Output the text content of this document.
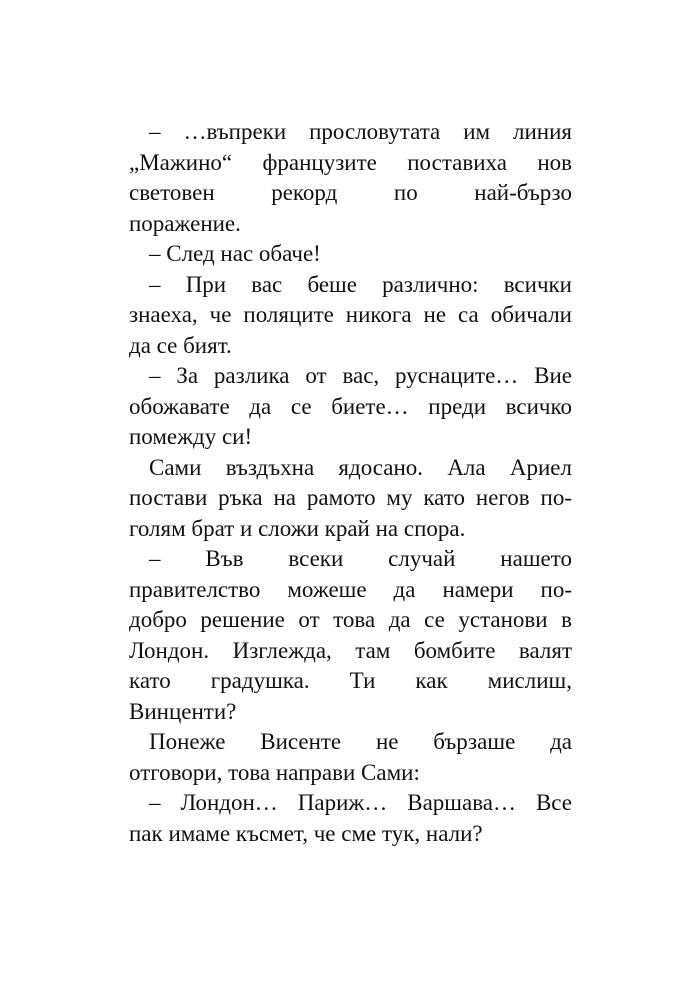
– …въпреки прословутата им линия
„Мажино“ французите поставиха нов
световен рекорд по най-бързо
поражение.
– След нас обаче!
– При вас беше различно: всички
знаеха, че поляците никога не са обичали
да се бият.
– За разлика от вас, руснаците… Вие
обожавате да се биете… преди всичко
помежду си!
Сами въздъхна ядосано. Ала Ариел
постави ръка на рамото му като негов по-
голям брат и сложи край на спора.
– Във всеки случай нашето
правителство можеше да намери по-
добро решение от това да се установи в
Лондон. Изглежда, там бомбите валят
като градушка. Ти как мислиш,
Винценти?
Понеже Висенте не бързаше да
отговори, това направи Сами:
– Лондон… Париж… Варшава… Все
пак имаме късмет, че сме тук, нали?
